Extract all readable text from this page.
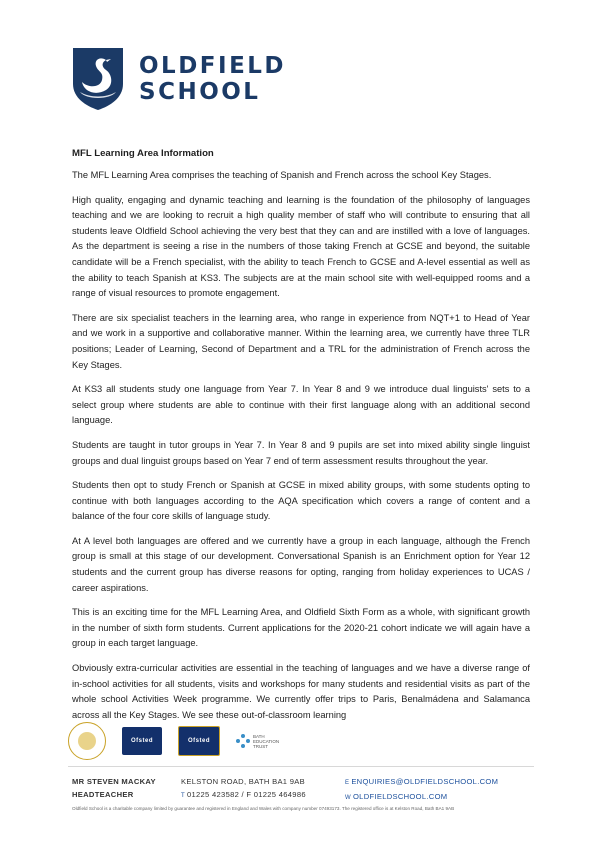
OLDFIELD
SCHOOL

MFL Learning Area Information

The MFL Learning Area comprises the teaching of Spanish and French across the school Key Stages.

High quality, engaging and dynamic teaching and learning is the foundation of the philosophy of languages teaching and we are looking to recruit a high quality member of staff who will contribute to ensuring that all students leave Oldfield School achieving the very best that they can and are instilled with a love of languages. As the department is seeing a rise in the numbers of those taking French at GCSE and beyond, the suitable candidate will be a French specialist, with the ability to teach French to GCSE and A-level essential as well as the ability to teach Spanish at KS3. The subjects are at the main school site with well-equipped rooms and a range of visual resources to promote engagement.

There are six specialist teachers in the learning area, who range in experience from NQT+1 to Head of Year and we work in a supportive and collaborative manner. Within the learning area, we currently have three TLR positions; Leader of Learning, Second of Department and a TRL for the administration of French across the Key Stages.

At KS3 all students study one language from Year 7. In Year 8 and 9 we introduce dual linguists' sets to a select group where students are able to continue with their first language along with an additional second language.

Students are taught in tutor groups in Year 7. In Year 8 and 9 pupils are set into mixed ability single linguist groups and dual linguist groups based on Year 7 end of term assessment results throughout the year.

Students then opt to study French or Spanish at GCSE in mixed ability groups, with some students opting to continue with both languages according to the AQA specification which covers a range of content and a balance of the four core skills of language study.

At A level both languages are offered and we currently have a group in each language, although the French group is small at this stage of our development. Conversational Spanish is an Enrichment option for Year 12 students and the current group has diverse reasons for opting, ranging from holiday experiences to UCAS / career aspirations.

This is an exciting time for the MFL Learning Area, and Oldfield Sixth Form as a whole, with significant growth in the number of sixth form students. Current applications for the 2020-21 cohort indicate we will again have a group in each target language.

Obviously extra-curricular activities are essential in the teaching of languages and we have a diverse range of in-school activities for all students, visits and workshops for many students and residential visits as part of the whole school Activities Week programme. We currently offer trips to Paris, Benalmádena and Salamanca across all the Key Stages. We see these out-of-classroom learning

Ofsted	Ofsted
BATH EDUCATION TRUST
MR STEVEN MACKAY
HEADTEACHER
KELSTON ROAD, BATH BA1 9AB
T 01225 423582 / F 01225 464986
E ENQUIRIES@OLDFIELDSCHOOL.COM
W OLDFIELDSCHOOL.COM
Oldfield School is a charitable company limited by guarantee and registered in England and Wales with company number 07493173. The registered office is at Kelston Road, Bath BA1 9AB
